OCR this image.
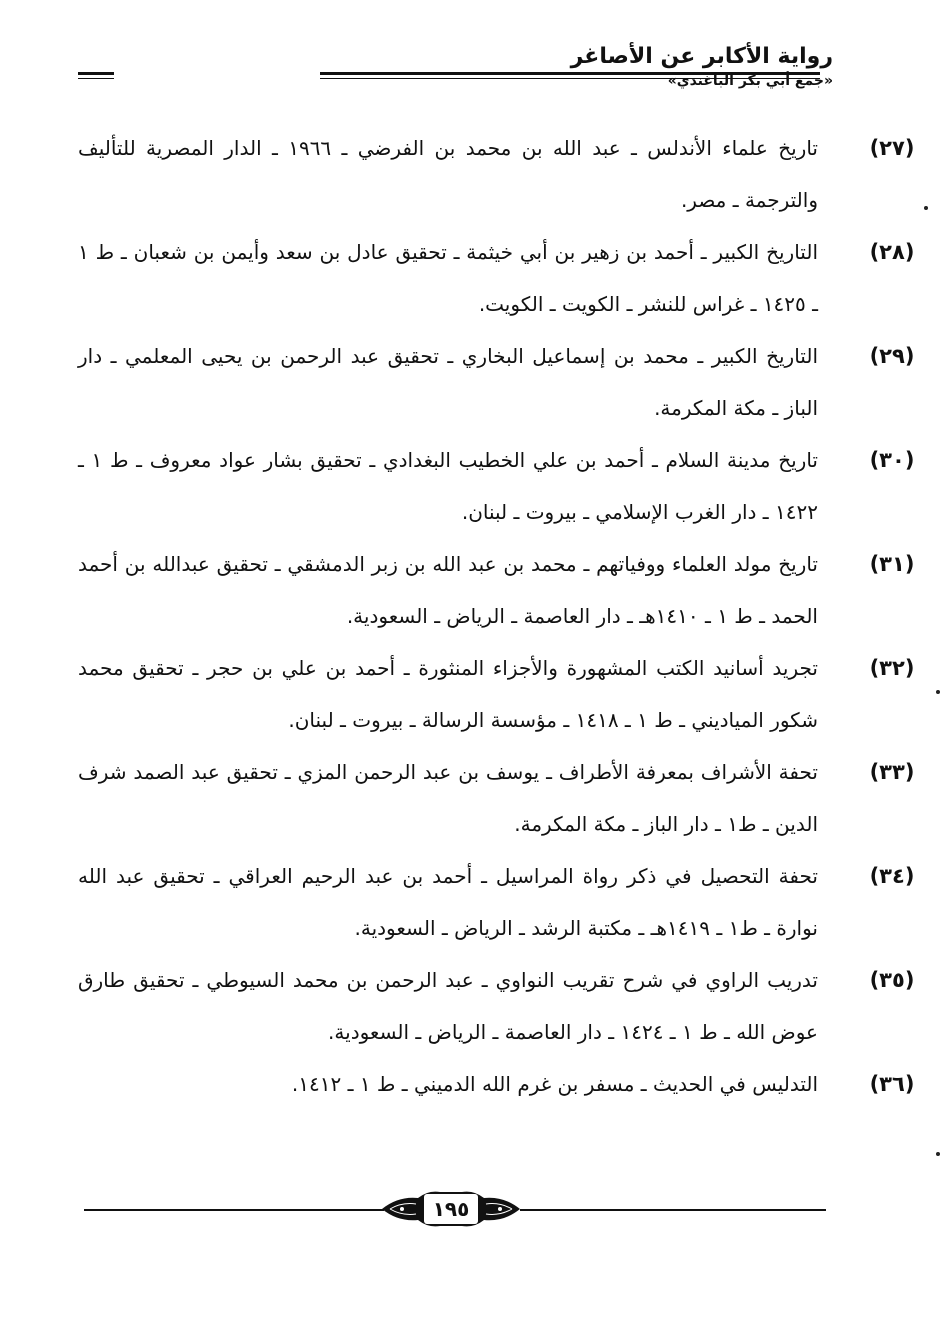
رواية الأكابر عن الأصاغر
«جمع أبي بكر الباغندي»
(٢٧)
تاريخ علماء الأندلس ـ عبد الله بن محمد بن الفرضي ـ ١٩٦٦ ـ الدار المصرية للتأليف والترجمة ـ مصر.
(٢٨)
التاريخ الكبير ـ أحمد بن زهير بن أبي خيثمة ـ تحقيق عادل بن سعد وأيمن بن شعبان ـ ط ١ ـ ١٤٢٥ ـ غراس للنشر ـ الكويت ـ الكويت.
(٢٩)
التاريخ الكبير ـ محمد بن إسماعيل البخاري ـ تحقيق عبد الرحمن بن يحيى المعلمي ـ دار الباز ـ مكة المكرمة.
(٣٠)
تاريخ مدينة السلام ـ أحمد بن علي الخطيب البغدادي ـ تحقيق بشار عواد معروف ـ ط ١ ـ ١٤٢٢ ـ دار الغرب الإسلامي ـ بيروت ـ لبنان.
(٣١)
تاريخ مولد العلماء ووفياتهم ـ محمد بن عبد الله بن زبر الدمشقي ـ تحقيق عبدالله بن أحمد الحمد ـ ط ١ ـ ١٤١٠هـ ـ دار العاصمة ـ الرياض ـ السعودية.
(٣٢)
تجريد أسانيد الكتب المشهورة والأجزاء المنثورة ـ أحمد بن علي بن حجر ـ تحقيق محمد شكور المياديني ـ ط ١ ـ ١٤١٨ ـ مؤسسة الرسالة ـ بيروت ـ لبنان.
(٣٣)
تحفة الأشراف بمعرفة الأطراف ـ يوسف بن عبد الرحمن المزي ـ تحقيق عبد الصمد شرف الدين ـ ط١ ـ دار الباز ـ مكة المكرمة.
(٣٤)
تحفة التحصيل في ذكر رواة المراسيل ـ أحمد بن عبد الرحيم العراقي ـ تحقيق عبد الله نوارة ـ ط١ ـ ١٤١٩هـ ـ مكتبة الرشد ـ الرياض ـ السعودية.
(٣٥)
تدريب الراوي في شرح تقريب النواوي ـ عبد الرحمن بن محمد السيوطي ـ تحقيق طارق عوض الله ـ ط ١ ـ ١٤٢٤ ـ دار العاصمة ـ الرياض ـ السعودية.
(٣٦)
التدليس في الحديث ـ مسفر بن غرم الله الدميني ـ ط ١ ـ ١٤١٢.
١٩٥
